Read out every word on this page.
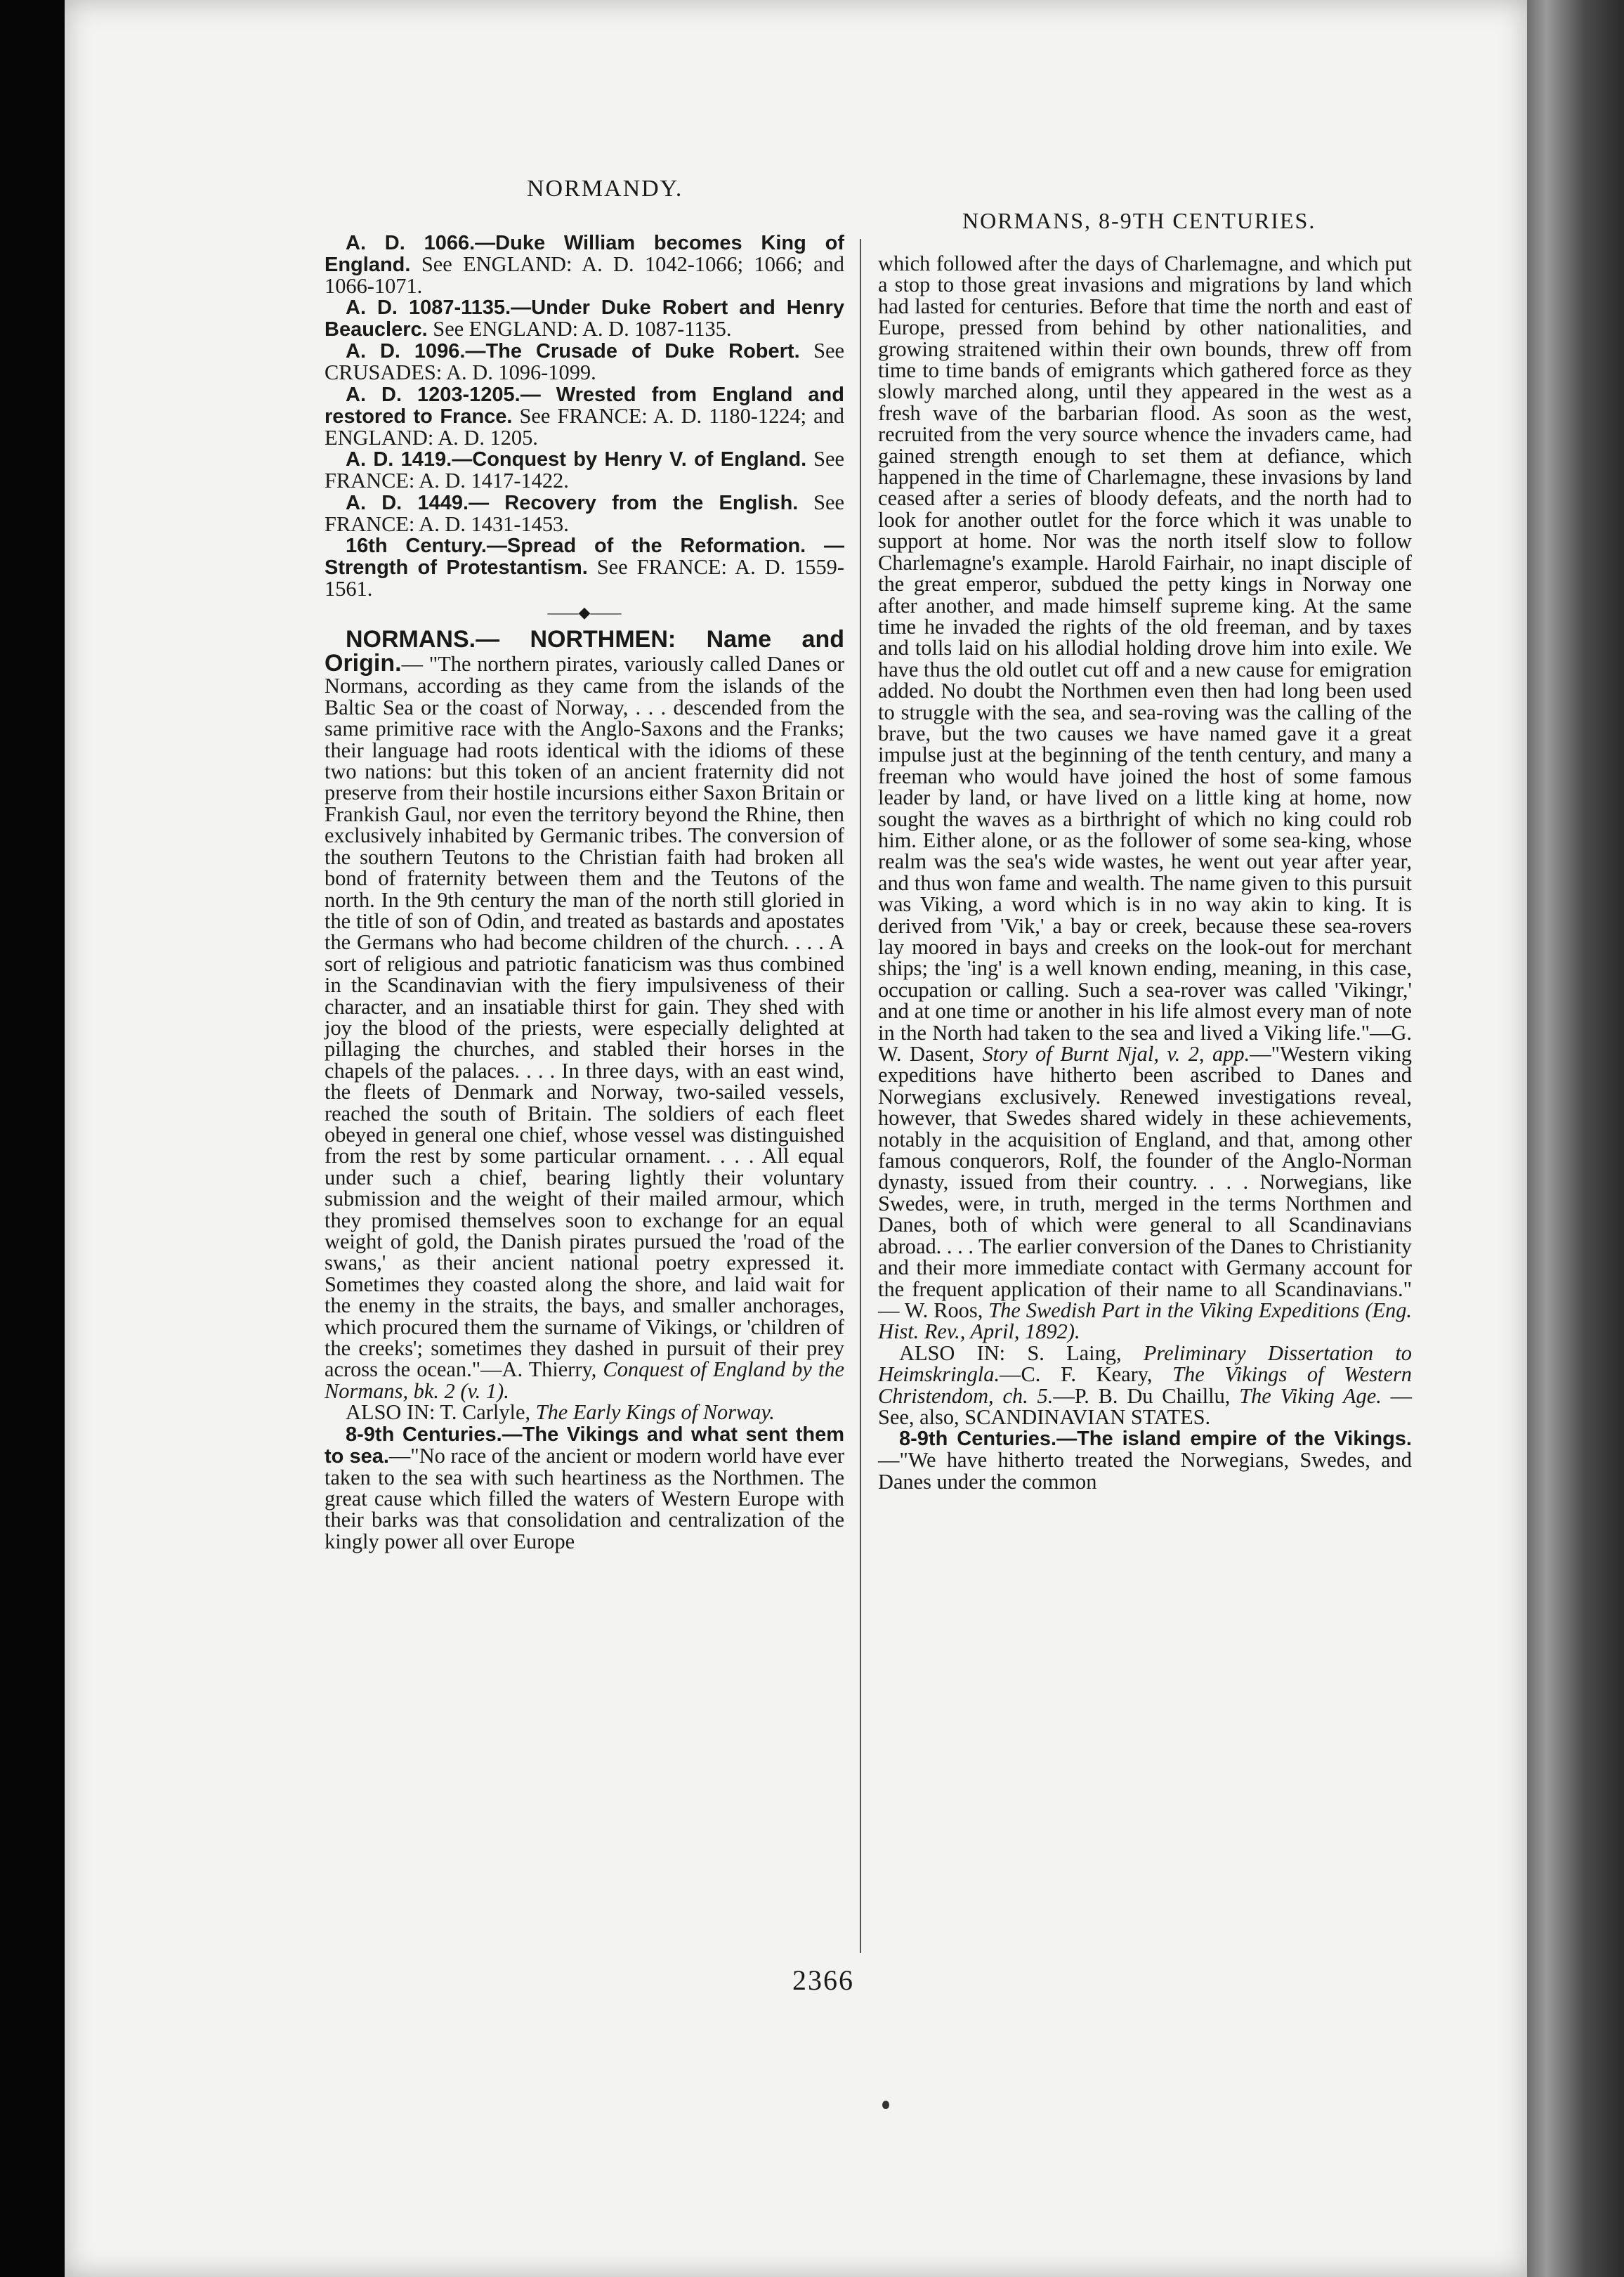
NORMANDY.
NORMANS, 8-9TH CENTURIES.

A. D. 1066.—Duke William becomes King of England. See ENGLAND: A. D. 1042-1066; 1066; and 1066-1071.

A. D. 1087-1135.—Under Duke Robert and Henry Beauclerc. See ENGLAND: A. D. 1087-1135.

A. D. 1096.—The Crusade of Duke Robert. See CRUSADES: A. D. 1096-1099.

A. D. 1203-1205.— Wrested from England and restored to France. See FRANCE: A. D. 1180-1224; and ENGLAND: A. D. 1205.

A. D. 1419.—Conquest by Henry V. of England. See FRANCE: A. D. 1417-1422.

A. D. 1449.— Recovery from the English. See FRANCE: A. D. 1431-1453.

16th Century.—Spread of the Reformation. —Strength of Protestantism. See FRANCE: A. D. 1559-1561.

——◆——

NORMANS.— NORTHMEN: Name and Origin.— "The northern pirates, variously called Danes or Normans, according as they came from the islands of the Baltic Sea or the coast of Norway, . . . descended from the same primitive race with the Anglo-Saxons and the Franks; their language had roots identical with the idioms of these two nations: but this token of an ancient fraternity did not preserve from their hostile incursions either Saxon Britain or Frankish Gaul, nor even the territory beyond the Rhine, then exclusively inhabited by Germanic tribes. The conversion of the southern Teutons to the Christian faith had broken all bond of fraternity between them and the Teutons of the north. In the 9th century the man of the north still gloried in the title of son of Odin, and treated as bastards and apostates the Germans who had become children of the church. . . . A sort of religious and patriotic fanaticism was thus combined in the Scandinavian with the fiery impulsiveness of their character, and an insatiable thirst for gain. They shed with joy the blood of the priests, were especially delighted at pillaging the churches, and stabled their horses in the chapels of the palaces. . . . In three days, with an east wind, the fleets of Denmark and Norway, two-sailed vessels, reached the south of Britain. The soldiers of each fleet obeyed in general one chief, whose vessel was distinguished from the rest by some particular ornament. . . . All equal under such a chief, bearing lightly their voluntary submission and the weight of their mailed armour, which they promised themselves soon to exchange for an equal weight of gold, the Danish pirates pursued the 'road of the swans,' as their ancient national poetry expressed it. Sometimes they coasted along the shore, and laid wait for the enemy in the straits, the bays, and smaller anchorages, which procured them the surname of Vikings, or 'children of the creeks'; sometimes they dashed in pursuit of their prey across the ocean."—A. Thierry, Conquest of England by the Normans, bk. 2 (v. 1).

ALSO IN: T. Carlyle, The Early Kings of Norway.

8-9th Centuries.—The Vikings and what sent them to sea.—"No race of the ancient or modern world have ever taken to the sea with such heartiness as the Northmen. The great cause which filled the waters of Western Europe with their barks was that consolidation and centralization of the kingly power all over Europe

which followed after the days of Charlemagne, and which put a stop to those great invasions and migrations by land which had lasted for centuries. Before that time the north and east of Europe, pressed from behind by other nationalities, and growing straitened within their own bounds, threw off from time to time bands of emigrants which gathered force as they slowly marched along, until they appeared in the west as a fresh wave of the barbarian flood. As soon as the west, recruited from the very source whence the invaders came, had gained strength enough to set them at defiance, which happened in the time of Charlemagne, these invasions by land ceased after a series of bloody defeats, and the north had to look for another outlet for the force which it was unable to support at home. Nor was the north itself slow to follow Charlemagne's example. Harold Fairhair, no inapt disciple of the great emperor, subdued the petty kings in Norway one after another, and made himself supreme king. At the same time he invaded the rights of the old freeman, and by taxes and tolls laid on his allodial holding drove him into exile. We have thus the old outlet cut off and a new cause for emigration added. No doubt the Northmen even then had long been used to struggle with the sea, and sea-roving was the calling of the brave, but the two causes we have named gave it a great impulse just at the beginning of the tenth century, and many a freeman who would have joined the host of some famous leader by land, or have lived on a little king at home, now sought the waves as a birthright of which no king could rob him. Either alone, or as the follower of some sea-king, whose realm was the sea's wide wastes, he went out year after year, and thus won fame and wealth. The name given to this pursuit was Viking, a word which is in no way akin to king. It is derived from 'Vik,' a bay or creek, because these sea-rovers lay moored in bays and creeks on the look-out for merchant ships; the 'ing' is a well known ending, meaning, in this case, occupation or calling. Such a sea-rover was called 'Vikingr,' and at one time or another in his life almost every man of note in the North had taken to the sea and lived a Viking life."—G. W. Dasent, Story of Burnt Njal, v. 2, app.—"Western viking expeditions have hitherto been ascribed to Danes and Norwegians exclusively. Renewed investigations reveal, however, that Swedes shared widely in these achievements, notably in the acquisition of England, and that, among other famous conquerors, Rolf, the founder of the Anglo-Norman dynasty, issued from their country. . . . Norwegians, like Swedes, were, in truth, merged in the terms Northmen and Danes, both of which were general to all Scandinavians abroad. . . . The earlier conversion of the Danes to Christianity and their more immediate contact with Germany account for the frequent application of their name to all Scandinavians." — W. Roos, The Swedish Part in the Viking Expeditions (Eng. Hist. Rev., April, 1892).

ALSO IN: S. Laing, Preliminary Dissertation to Heimskringla.—C. F. Keary, The Vikings of Western Christendom, ch. 5.—P. B. Du Chaillu, The Viking Age. — See, also, SCANDINAVIAN STATES.

8-9th Centuries.—The island empire of the Vikings.—"We have hitherto treated the Norwegians, Swedes, and Danes under the common

2366
